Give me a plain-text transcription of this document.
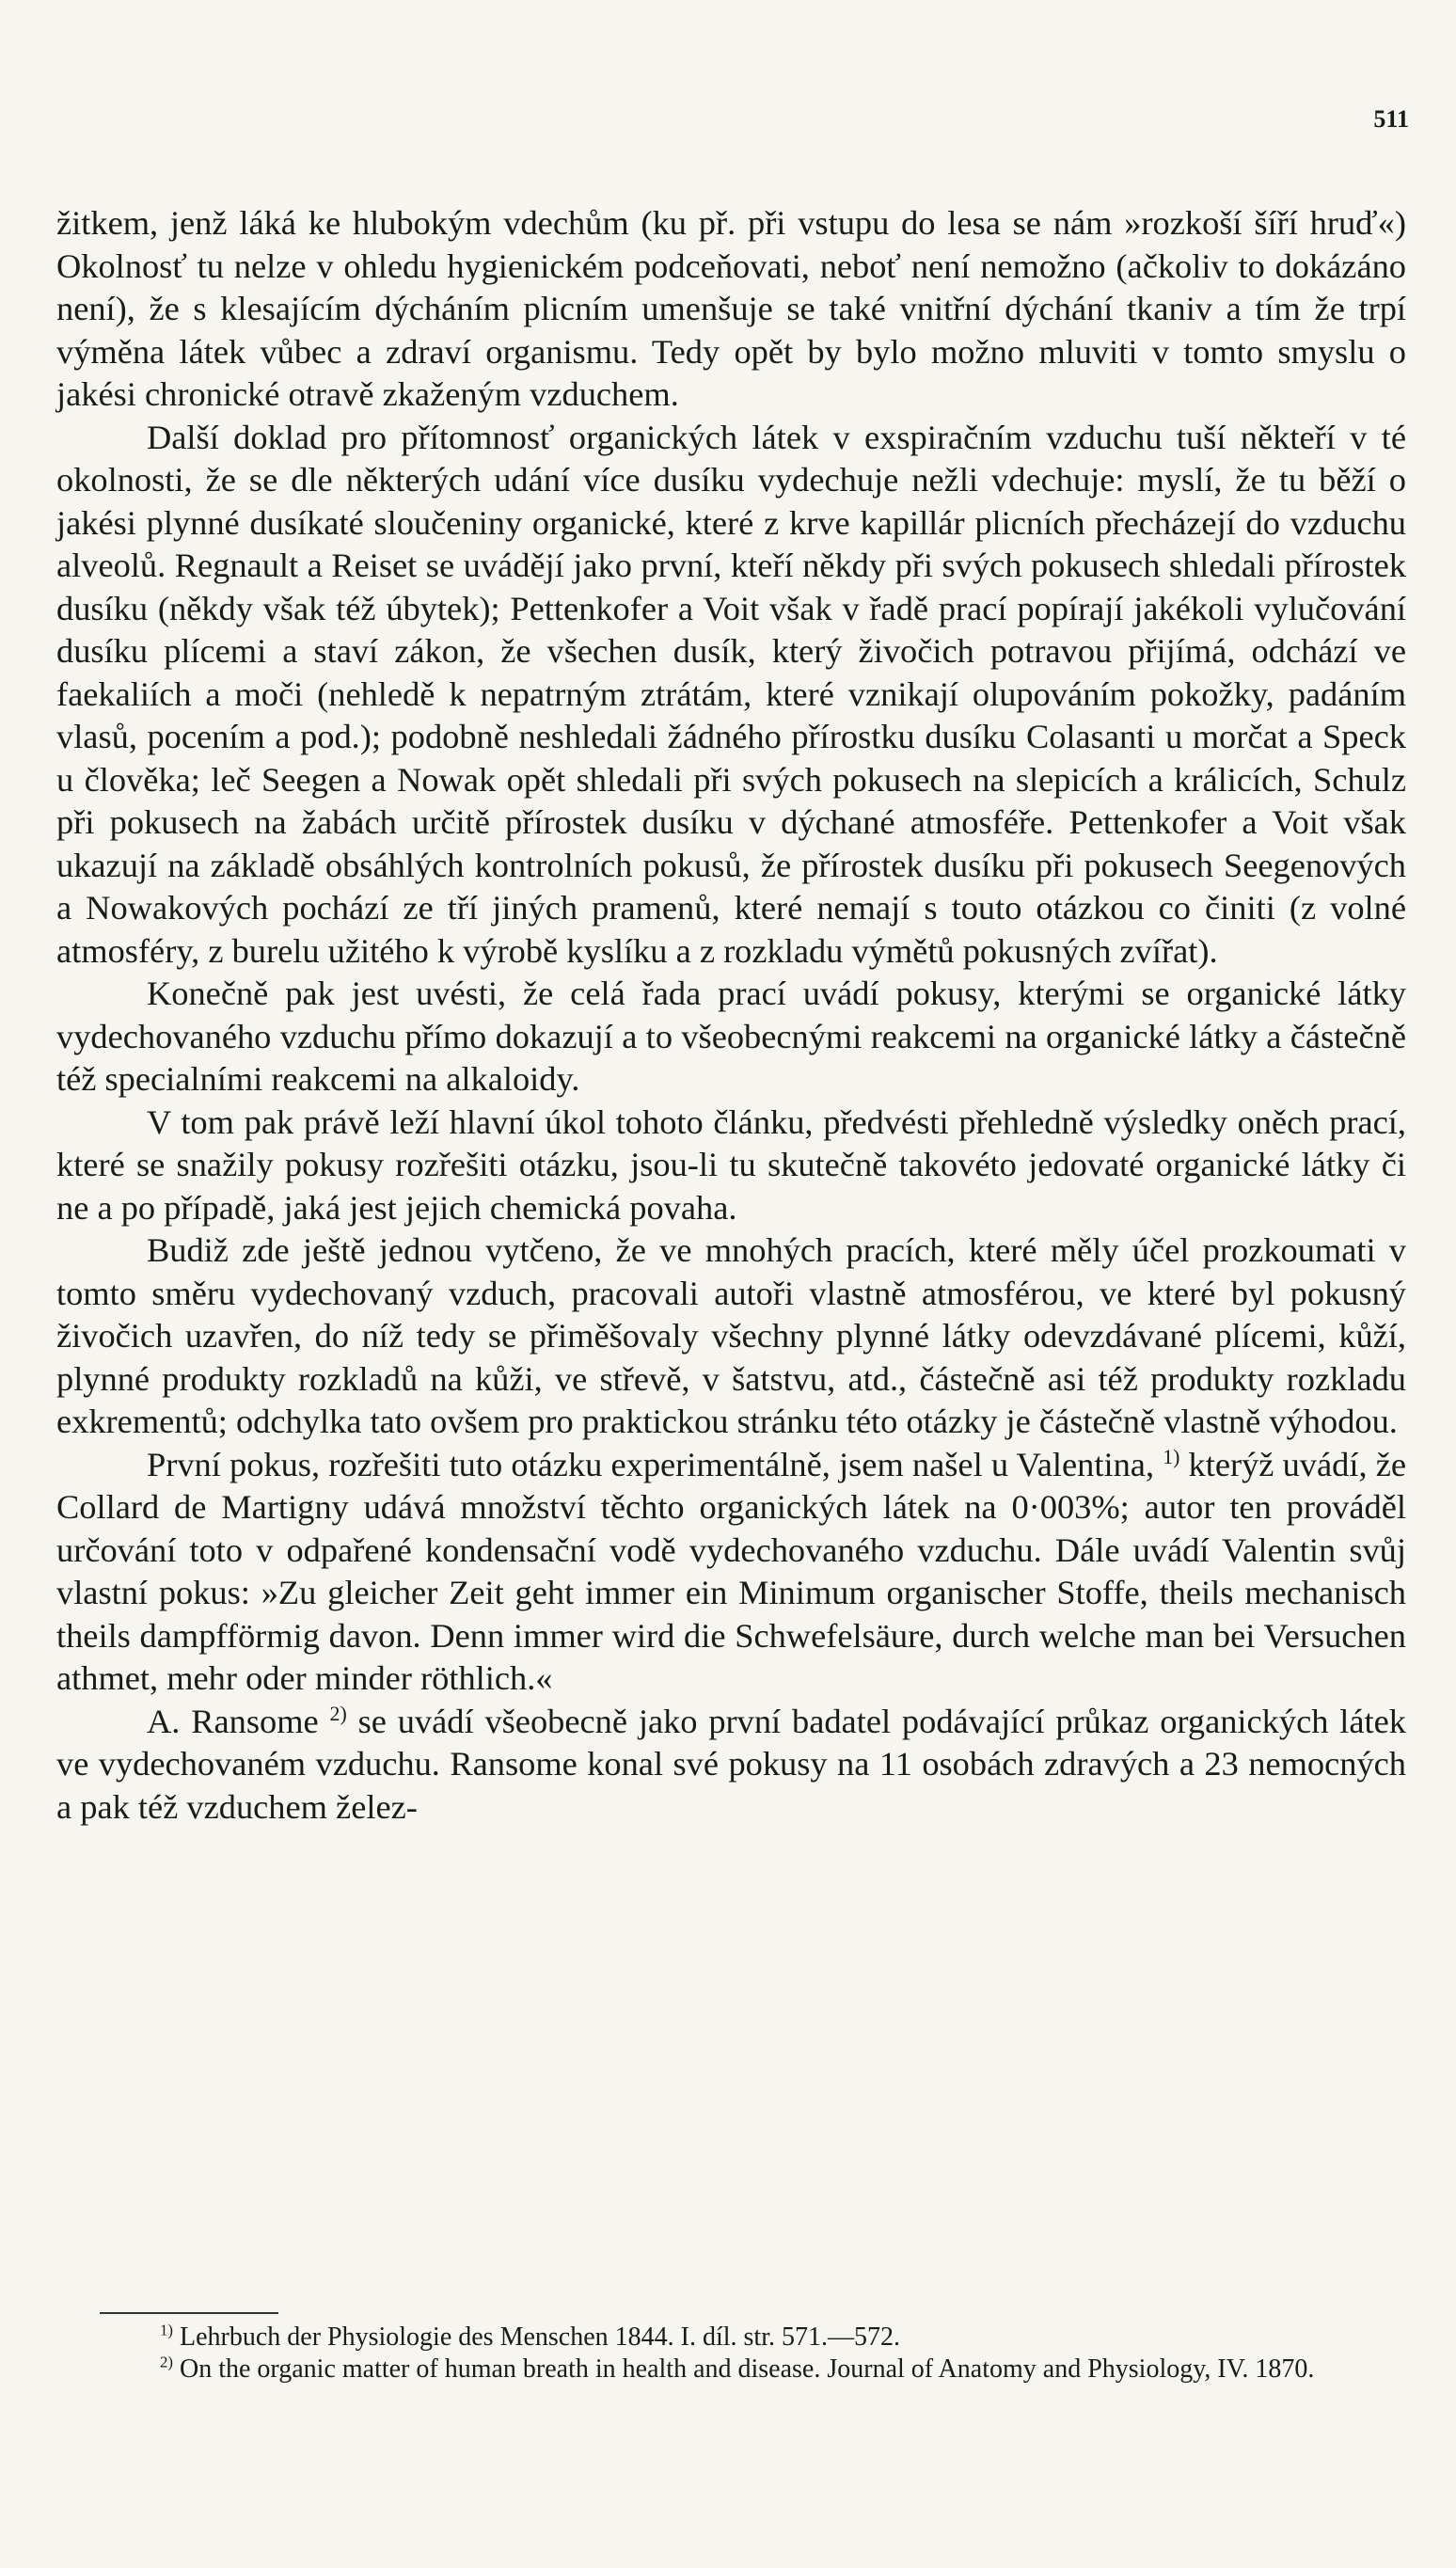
511

žitkem, jenž láká ke hlubokým vdechům (ku př. při vstupu do lesa se nám »rozkoší šíří hruď«) Okolnosť tu nelze v ohledu hygienickém podceňovati, neboť není nemožno (ačkoliv to dokázáno není), že s klesajícím dýcháním plicním umenšuje se také vnitřní dýchání tkaniv a tím že trpí výměna látek vůbec a zdraví organismu. Tedy opět by bylo možno mluviti v tomto smyslu o jakési chronické otravě zkaženým vzduchem.

Další doklad pro přítomnosť organických látek v exspiračním vzduchu tuší někteří v té okolnosti, že se dle některých udání více dusíku vydechuje nežli vdechuje: myslí, že tu běží o jakési plynné dusíkaté sloučeniny organické, které z krve kapillár plicních přecházejí do vzduchu alveolů. Regnault a Reiset se uvádějí jako první, kteří někdy při svých pokusech shledali přírostek dusíku (někdy však též úbytek); Pettenkofer a Voit však v řadě prací popírají jakékoli vylučování dusíku plícemi a staví zákon, že všechen dusík, který živočich potravou přijímá, odchází ve faekaliích a moči (nehledě k nepatrným ztrátám, které vznikají olupováním pokožky, padáním vlasů, pocením a pod.); podobně neshledali žádného přírostku dusíku Colasanti u morčat a Speck u člověka; leč Seegen a Nowak opět shledali při svých pokusech na slepicích a králicích, Schulz při pokusech na žabách určitě přírostek dusíku v dýchané atmosféře. Pettenkofer a Voit však ukazují na základě obsáhlých kontrolních pokusů, že přírostek dusíku při pokusech Seegenových a Nowakových pochází ze tří jiných pramenů, které nemají s touto otázkou co činiti (z volné atmosféry, z burelu užitého k výrobě kyslíku a z rozkladu výmětů pokusných zvířat).

Konečně pak jest uvésti, že celá řada prací uvádí pokusy, kterými se organické látky vydechovaného vzduchu přímo dokazují a to všeobecnými reakcemi na organické látky a částečně též specialními reakcemi na alkaloidy.

V tom pak právě leží hlavní úkol tohoto článku, předvésti přehledně výsledky oněch prací, které se snažily pokusy rozřešiti otázku, jsou-li tu skutečně takovéto jedovaté organické látky či ne a po případě, jaká jest jejich chemická povaha.

Budiž zde ještě jednou vytčeno, že ve mnohých pracích, které měly účel prozkoumati v tomto směru vydechovaný vzduch, pracovali autoři vlastně atmosférou, ve které byl pokusný živočich uzavřen, do níž tedy se přiměšovaly všechny plynné látky odevzdávané plícemi, kůží, plynné produkty rozkladů na kůži, ve střevě, v šatstvu, atd., částečně asi též produkty rozkladu exkrementů; odchylka tato ovšem pro praktickou stránku této otázky je částečně vlastně výhodou.

První pokus, rozřešiti tuto otázku experimentálně, jsem našel u Valentina, $^{1)}$ kterýž uvádí, že Collard de Martigny udává množství těchto organických látek na 0·003%; autor ten prováděl určování toto v odpařené kondensační vodě vydechovaného vzduchu. Dále uvádí Valentin svůj vlastní pokus: »Zu gleicher Zeit geht immer ein Minimum organischer Stoffe, theils mechanisch theils dampfförmig davon. Denn immer wird die Schwefelsäure, durch welche man bei Versuchen athmet, mehr oder minder röthlich.«

A. Ransome $^{2)}$ se uvádí všeobecně jako první badatel podávající průkaz organických látek ve vydechovaném vzduchu. Ransome konal své pokusy na 11 osobách zdravých a 23 nemocných a pak též vzduchem želez-

$^{1)}$ Lehrbuch der Physiologie des Menschen 1844. I. díl. str. 571.—572.

$^{2)}$ On the organic matter of human breath in health and disease. Journal of Anatomy and Physiology, IV. 1870.
